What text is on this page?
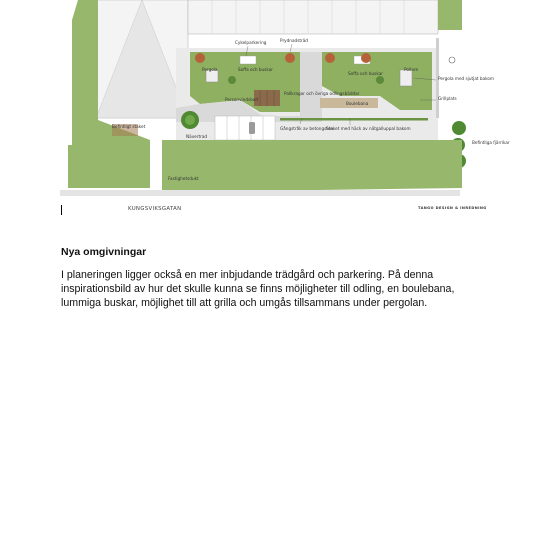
Cykelparkering	Prydnadsträd
Pergola	Soffa och buskar
Soffa och buskar
Pollare
Pallkragar och övriga odlingsbäddar
Personvindsbod
Boulebana
Pergola med sjutjat bakom
Grillplats
Nävertrad
Gångstråk av betongsten
Staket med häck av nätgalluppal bakom
Befintliga fjärrikar
Befintligt staket
Fastighetsdukt
KUNGSVIKSGATAN	TANGO DESIGN & INREDNING

Nya omgivningar

I planeringen ligger också en mer inbjudande trädgård och parkering. På denna
inspirationsbild av hur det skulle kunna se finns möjligheter till odling, en boulebana,
lummiga buskar, möjlighet till att grilla och umgås tillsammans under pergolan.
